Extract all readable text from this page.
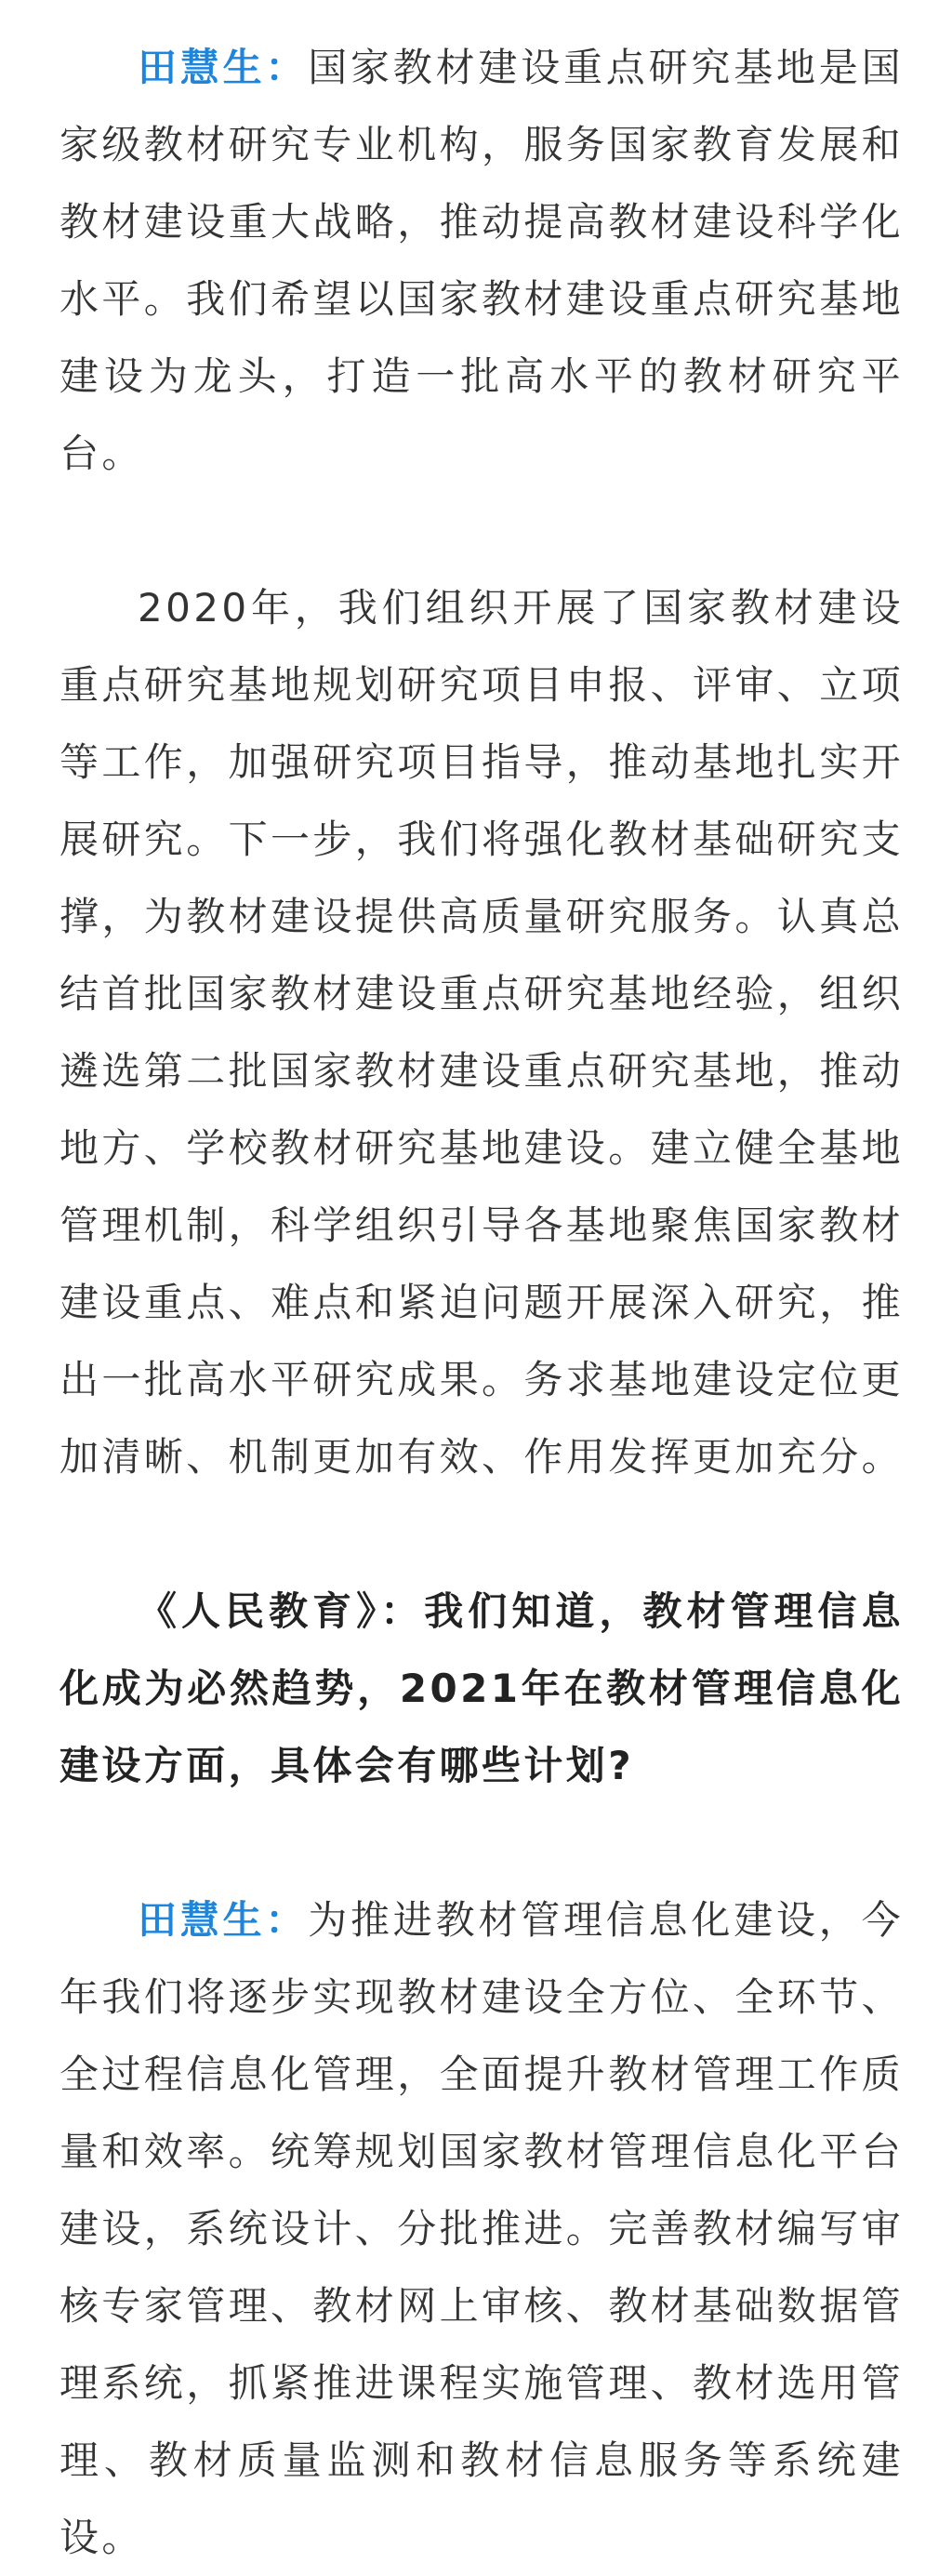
田慧生：国家教材建设重点研究基地是国家级教材研究专业机构，服务国家教育发展和教材建设重大战略，推动提高教材建设科学化水平。我们希望以国家教材建设重点研究基地建设为龙头，打造一批高水平的教材研究平台。

2020年，我们组织开展了国家教材建设重点研究基地规划研究项目申报、评审、立项等工作，加强研究项目指导，推动基地扎实开展研究。下一步，我们将强化教材基础研究支撑，为教材建设提供高质量研究服务。认真总结首批国家教材建设重点研究基地经验，组织遴选第二批国家教材建设重点研究基地，推动地方、学校教材研究基地建设。建立健全基地管理机制，科学组织引导各基地聚焦国家教材建设重点、难点和紧迫问题开展深入研究，推出一批高水平研究成果。务求基地建设定位更加清晰、机制更加有效、作用发挥更加充分。

《人民教育》：我们知道，教材管理信息化成为必然趋势，2021年在教材管理信息化建设方面，具体会有哪些计划?

田慧生：为推进教材管理信息化建设，今年我们将逐步实现教材建设全方位、全环节、全过程信息化管理，全面提升教材管理工作质量和效率。统筹规划国家教材管理信息化平台建设，系统设计、分批推进。完善教材编写审核专家管理、教材网上审核、教材基础数据管理系统，抓紧推进课程实施管理、教材选用管理、教材质量监测和教材信息服务等系统建设。
